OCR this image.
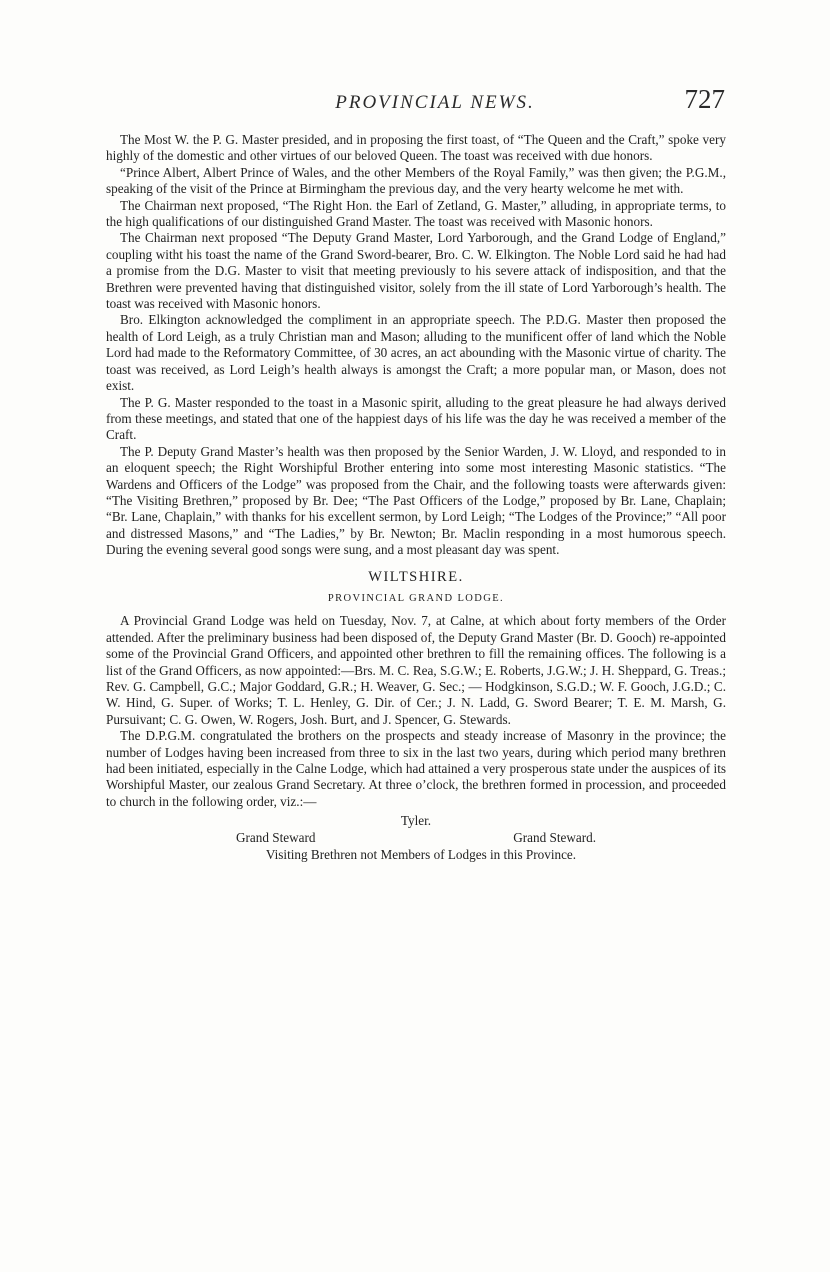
PROVINCIAL NEWS.	727

The Most W. the P. G. Master presided, and in proposing the first toast, of “The Queen and the Craft,” spoke very highly of the domestic and other virtues of our beloved Queen. The toast was received with due honors.

“Prince Albert, Albert Prince of Wales, and the other Members of the Royal Family,” was then given; the P.G.M., speaking of the visit of the Prince at Birmingham the previous day, and the very hearty welcome he met with.

The Chairman next proposed, “The Right Hon. the Earl of Zetland, G. Master,” alluding, in appropriate terms, to the high qualifications of our distinguished Grand Master. The toast was received with Masonic honors.

The Chairman next proposed “The Deputy Grand Master, Lord Yarborough, and the Grand Lodge of England,” coupling witht his toast the name of the Grand Sword-bearer, Bro. C. W. Elkington. The Noble Lord said he had had a promise from the D.G. Master to visit that meeting previously to his severe attack of indisposition, and that the Brethren were prevented having that distinguished visitor, solely from the ill state of Lord Yarborough’s health. The toast was received with Masonic honors.

Bro. Elkington acknowledged the compliment in an appropriate speech. The P.D.G. Master then proposed the health of Lord Leigh, as a truly Christian man and Mason; alluding to the munificent offer of land which the Noble Lord had made to the Reformatory Committee, of 30 acres, an act abounding with the Masonic virtue of charity. The toast was received, as Lord Leigh’s health always is amongst the Craft; a more popular man, or Mason, does not exist.

The P. G. Master responded to the toast in a Masonic spirit, alluding to the great pleasure he had always derived from these meetings, and stated that one of the happiest days of his life was the day he was received a member of the Craft.

The P. Deputy Grand Master’s health was then proposed by the Senior Warden, J. W. Lloyd, and responded to in an eloquent speech; the Right Worshipful Brother entering into some most interesting Masonic statistics. “The Wardens and Officers of the Lodge” was proposed from the Chair, and the following toasts were afterwards given: “The Visiting Brethren,” proposed by Br. Dee; “The Past Officers of the Lodge,” proposed by Br. Lane, Chaplain; “Br. Lane, Chaplain,” with thanks for his excellent sermon, by Lord Leigh; “The Lodges of the Province;” “All poor and distressed Masons,” and “The Ladies,” by Br. Newton; Br. Maclin responding in a most humorous speech. During the evening several good songs were sung, and a most pleasant day was spent.

WILTSHIRE.
PROVINCIAL GRAND LODGE.

A Provincial Grand Lodge was held on Tuesday, Nov. 7, at Calne, at which about forty members of the Order attended. After the preliminary business had been disposed of, the Deputy Grand Master (Br. D. Gooch) re-appointed some of the Provincial Grand Officers, and appointed other brethren to fill the remaining offices. The following is a list of the Grand Officers, as now appointed:—Brs. M. C. Rea, S.G.W.; E. Roberts, J.G.W.; J. H. Sheppard, G. Treas.; Rev. G. Campbell, G.C.; Major Goddard, G.R.; H. Weaver, G. Sec.; — Hodgkinson, S.G.D.; W. F. Gooch, J.G.D.; C. W. Hind, G. Super. of Works; T. L. Henley, G. Dir. of Cer.; J. N. Ladd, G. Sword Bearer; T. E. M. Marsh, G. Pursuivant; C. G. Owen, W. Rogers, Josh. Burt, and J. Spencer, G. Stewards.

The D.P.G.M. congratulated the brothers on the prospects and steady increase of Masonry in the province; the number of Lodges having been increased from three to six in the last two years, during which period many brethren had been initiated, especially in the Calne Lodge, which had attained a very prosperous state under the auspices of its Worshipful Master, our zealous Grand Secretary. At three o’clock, the brethren formed in procession, and proceeded to church in the following order, viz.:—

Tyler.
Grand Steward	Grand Steward.
Visiting Brethren not Members of Lodges in this Province.
